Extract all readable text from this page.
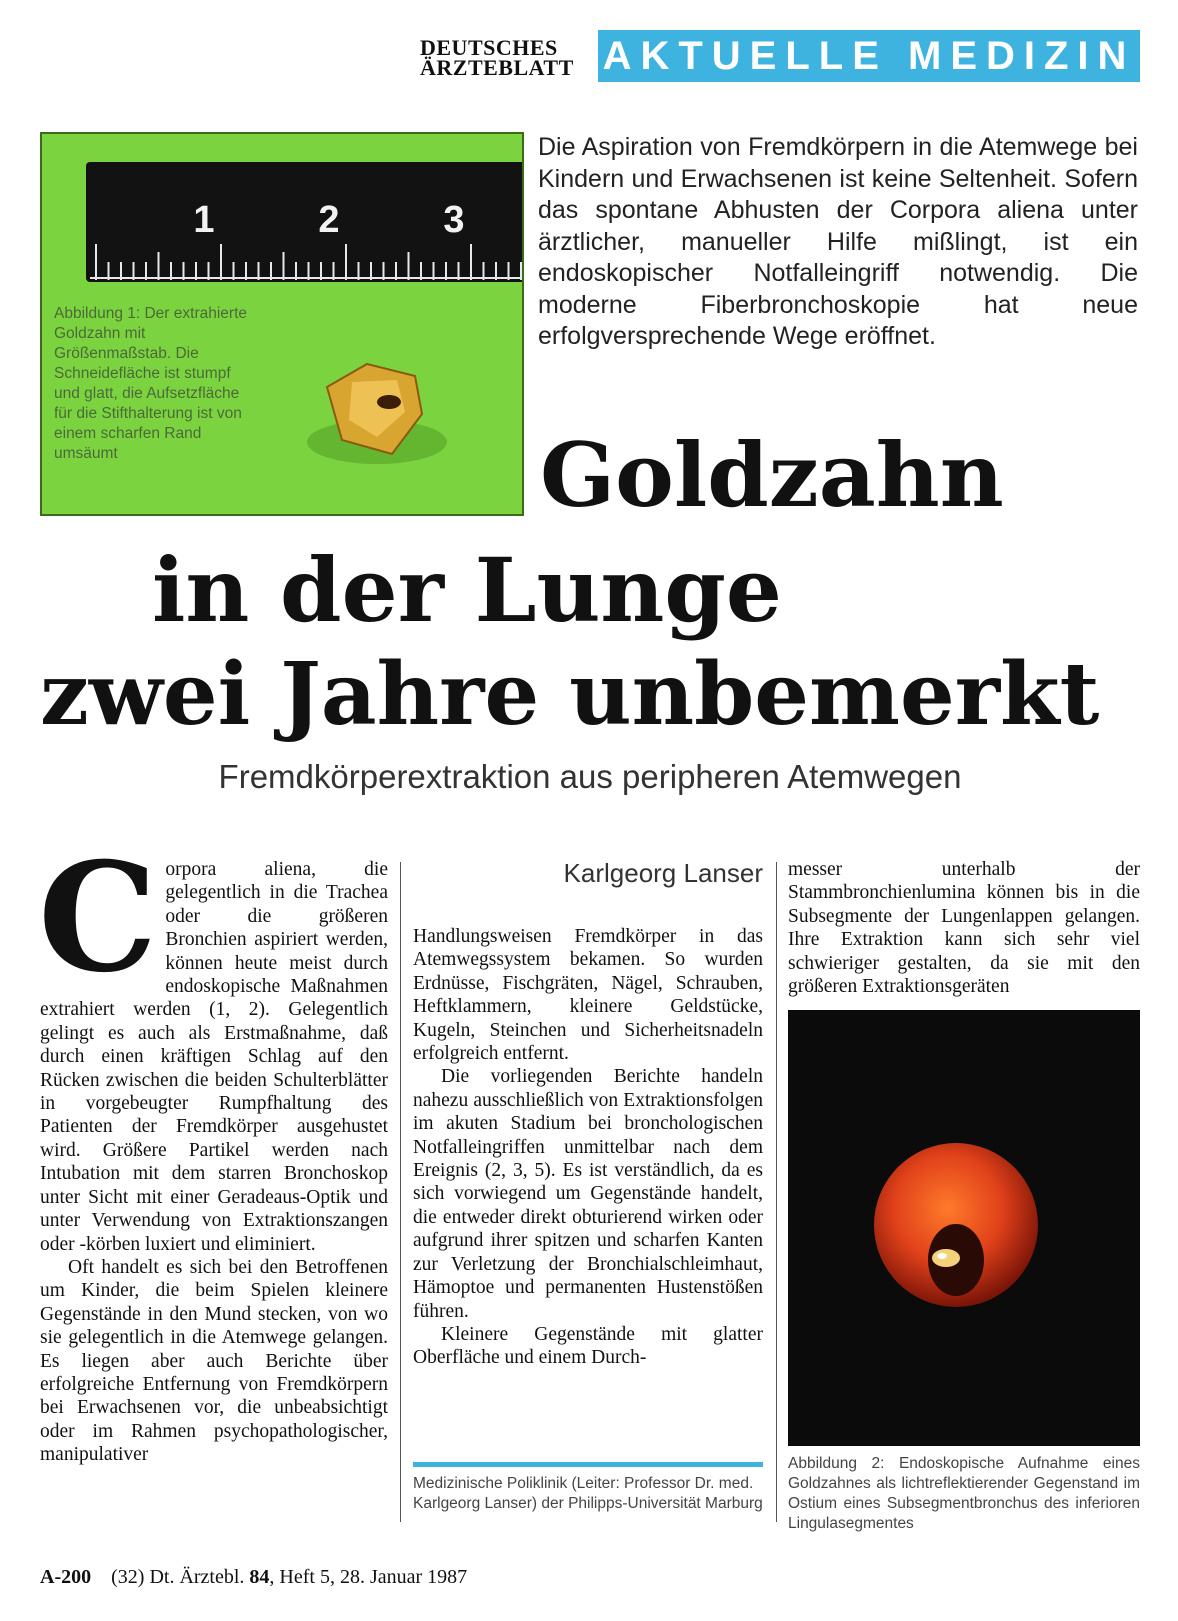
DEUTSCHES
ÄRZTEBLATT AKTUELLE MEDIZIN
1	2	3
Abbildung 1: Der extrahierte Goldzahn mit Größenmaßstab. Die Schneidefläche ist stumpf und glatt, die Aufsetzfläche für die Stifthalterung ist von einem scharfen Rand umsäumt
Die Aspiration von Fremdkörpern in die Atemwege bei Kindern und Erwachsenen ist keine Seltenheit. Sofern das spontane Abhusten der Corpora aliena unter ärztlicher, manueller Hilfe mißlingt, ist ein endoskopischer Notfalleingriff notwendig. Die moderne Fiberbronchoskopie hat neue erfolgversprechende Wege eröffnet.
Goldzahn
in der Lunge
zwei Jahre unbemerkt
Fremdkörperextraktion aus peripheren Atemwegen

Corpora aliena, die gelegentlich in die Trachea oder die größeren Bronchien aspiriert werden, können heute meist durch endoskopische Maßnahmen extrahiert werden (1, 2). Gelegentlich gelingt es auch als Erstmaßnahme, daß durch einen kräftigen Schlag auf den Rücken zwischen die beiden Schulterblätter in vorgebeugter Rumpfhaltung des Patienten der Fremdkörper ausgehustet wird. Größere Partikel werden nach Intubation mit dem starren Bronchoskop unter Sicht mit einer Geradeaus-Optik und unter Verwendung von Extraktionszangen oder -körben luxiert und eliminiert.

Oft handelt es sich bei den Betroffenen um Kinder, die beim Spielen kleinere Gegenstände in den Mund stecken, von wo sie gelegentlich in die Atemwege gelangen. Es liegen aber auch Berichte über erfolgreiche Entfernung von Fremdkörpern bei Erwachsenen vor, die unbeabsichtigt oder im Rahmen psychopathologischer, manipulativer

Karlgeorg Lanser

Handlungsweisen Fremdkörper in das Atemwegssystem bekamen. So wurden Erdnüsse, Fischgräten, Nägel, Schrauben, Heftklammern, kleinere Geldstücke, Kugeln, Steinchen und Sicherheitsnadeln erfolgreich entfernt.

Die vorliegenden Berichte handeln nahezu ausschließlich von Extraktionsfolgen im akuten Stadium bei bronchologischen Notfalleingriffen unmittelbar nach dem Ereignis (2, 3, 5). Es ist verständlich, da es sich vorwiegend um Gegenstände handelt, die entweder direkt obturierend wirken oder aufgrund ihrer spitzen und scharfen Kanten zur Verletzung der Bronchialschleimhaut, Hämoptoe und permanenten Hustenstößen führen.

Kleinere Gegenstände mit glatter Oberfläche und einem Durch-

Medizinische Poliklinik (Leiter: Professor Dr. med. Karlgeorg Lanser) der Philipps-Universität Marburg

messer unterhalb der Stammbronchienlumina können bis in die Subsegmente der Lungenlappen gelangen. Ihre Extraktion kann sich sehr viel schwieriger gestalten, da sie mit den größeren Extraktionsgeräten

Abbildung 2: Endoskopische Aufnahme eines Goldzahnes als lichtreflektierender Gegenstand im Ostium eines Subsegmentbronchus des inferioren Lingulasegmentes
A-200 (32) Dt. Ärztebl. 84, Heft 5, 28. Januar 1987
